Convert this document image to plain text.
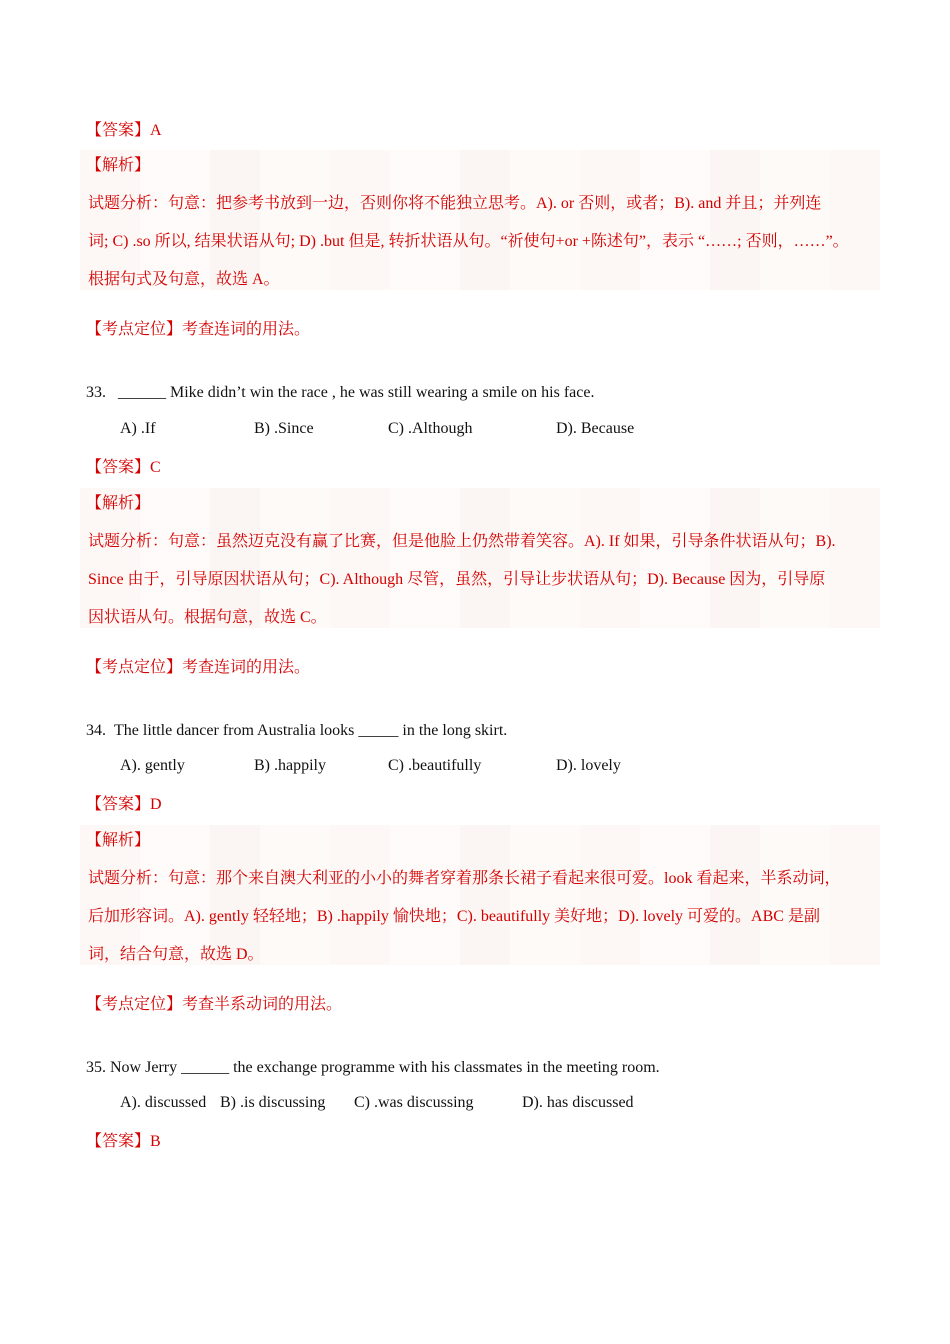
【答案】A
【解析】
试题分析：句意：把参考书放到一边，否则你将不能独立思考。A). or 否则，或者；B). and 并且；并列连
词; C) .so 所以, 结果状语从句; D) .but 但是, 转折状语从句。“祈使句+or +陈述句”，表示 “……; 否则，……”。
根据句式及句意，故选 A。
【考点定位】考查连词的用法。
33. ______ Mike didn’t win the race , he was still wearing a smile on his face.
A) .If	B) .Since	C) .Although	D). Because
【答案】C
【解析】
试题分析：句意：虽然迈克没有赢了比赛，但是他脸上仍然带着笑容。A). If 如果，引导条件状语从句；B).
Since 由于，引导原因状语从句；C). Although 尽管，虽然，引导让步状语从句；D). Because 因为，引导原
因状语从句。根据句意，故选 C。
【考点定位】考查连词的用法。
34. The little dancer from Australia looks _____ in the long skirt.
A). gently	B) .happily	C) .beautifully	D). lovely
【答案】D
【解析】
试题分析：句意：那个来自澳大利亚的小小的舞者穿着那条长裙子看起来很可爱。look 看起来，半系动词，
后加形容词。A). gently 轻轻地；B) .happily 愉快地；C). beautifully 美好地；D). lovely 可爱的。ABC 是副
词，结合句意，故选 D。
【考点定位】考查半系动词的用法。
35. Now Jerry ______ the exchange programme with his classmates in the meeting room.
A). discussed B) .is discussing C) .was discussing	D). has discussed
【答案】B
